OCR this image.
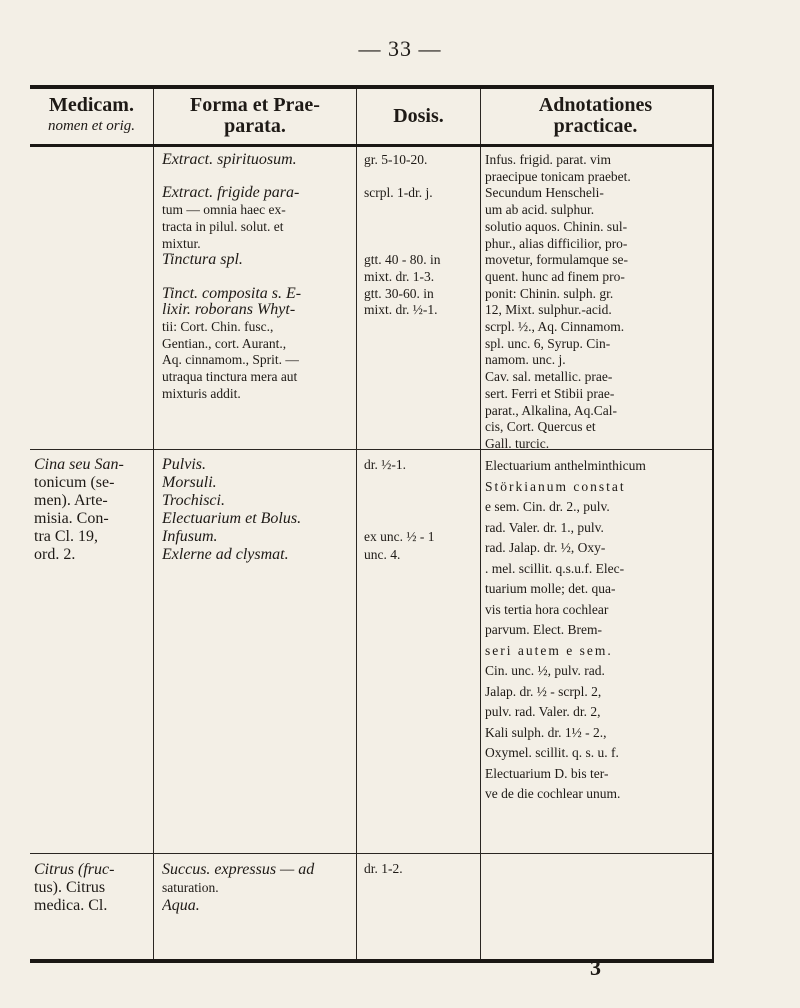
— 33 —
Medicam.
nomen et orig.
Forma et Prae-
parata.	Dosis.	Adnotationes
practicae.
Extract. spirituosum.

Extract. frigide para-
tum — omnia haec ex-
tracta in pilul. solut. et
mixtur.
Tinctura spl.

Tinct. composita s. E-
lixir. roborans Whyt-
tii: Cort. Chin. fusc.,
Gentian., cort. Aurant.,
Aq. cinnamom., Sprit. —
utraqua tinctura mera aut
mixturis addit.
gr. 5-10-20.

scrpl. 1-dr. j.

gtt. 40 - 80. in
mixt. dr. 1-3.
gtt. 30-60. in
mixt. dr. ½-1.
Infus. frigid. parat. vim
praecipue tonicam praebet.
Secundum Henscheli-
um ab acid. sulphur.
solutio aquos. Chinin. sul-
phur., alias difficilior, pro-
movetur, formulamque se-
quent. hunc ad finem pro-
ponit: Chinin. sulph. gr.
12, Mixt. sulphur.-acid.
scrpl. ½., Aq. Cinnamom.
spl. unc. 6, Syrup. Cin-
namom. unc. j.
Cav. sal. metallic. prae-
sert. Ferri et Stibii prae-
parat., Alkalina, Aq.Cal-
cis, Cort. Quercus et
Gall. turcic.
Cina seu San-
tonicum (se-
men). Arte-
misia. Con-
tra Cl. 19,
ord. 2.
Pulvis.
Morsuli.
Trochisci.
Electuarium et Bolus.
Infusum.
Exlerne ad clysmat.
dr. ½-1.

ex unc. ½ - 1
unc. 4.
Electuarium anthelminthicum
Störkianum constat
e sem. Cin. dr. 2., pulv.
rad. Valer. dr. 1., pulv.
rad. Jalap. dr. ½, Oxy-
. mel. scillit. q.s.u.f. Elec-
tuarium molle; det. qua-
vis tertia hora cochlear
parvum. Elect. Brem-
seri autem e sem.
Cin. unc. ½, pulv. rad.
Jalap. dr. ½ - scrpl. 2,
pulv. rad. Valer. dr. 2,
Kali sulph. dr. 1½ - 2.,
Oxymel. scillit. q. s. u. f.
Electuarium D. bis ter-
ve de die cochlear unum.
Citrus (fruc-
tus). Citrus
medica. Cl.
Succus. expressus — ad
saturation.
Aqua.
dr. 1-2.
3
